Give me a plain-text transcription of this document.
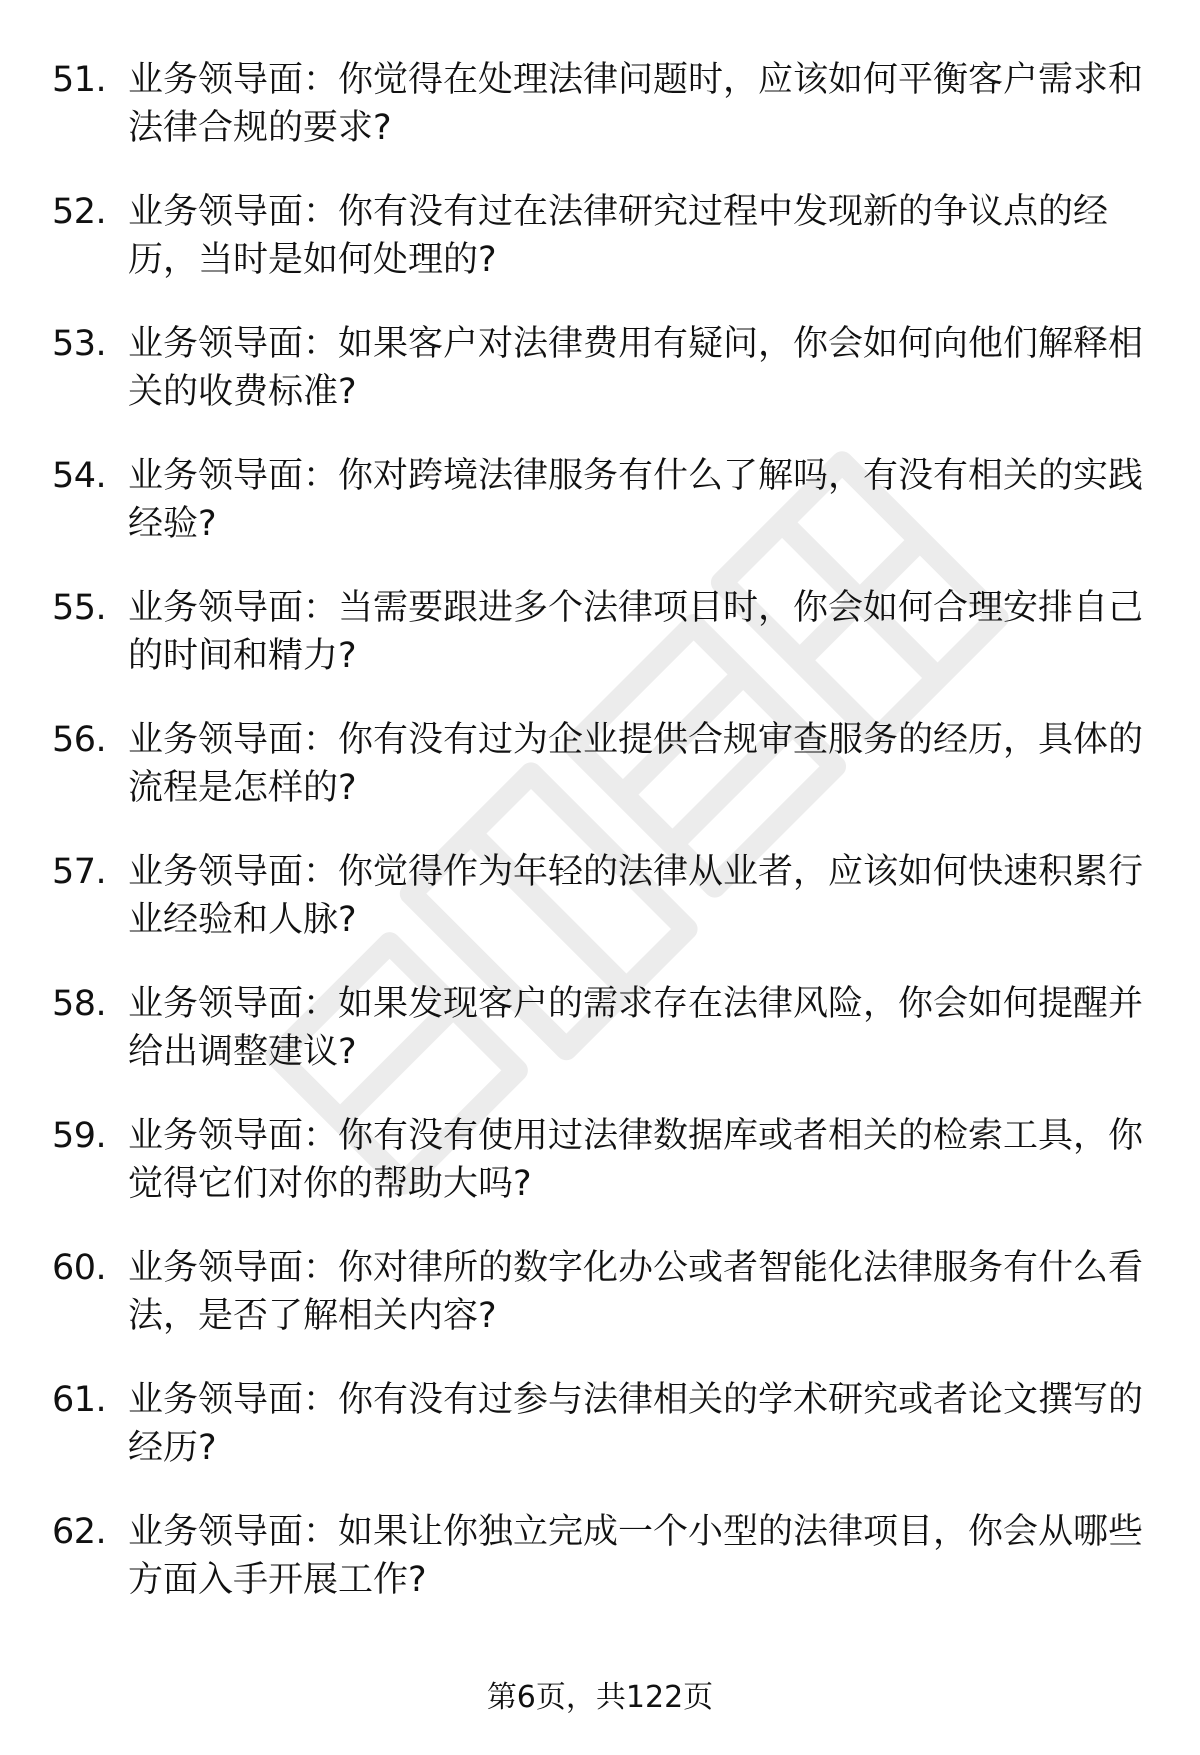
51. 业务领导面：你觉得在处理法律问题时，应该如何平衡客户需求和法律合规的要求?
52. 业务领导面：你有没有过在法律研究过程中发现新的争议点的经历，当时是如何处理的?
53. 业务领导面：如果客户对法律费用有疑问，你会如何向他们解释相关的收费标准?
54. 业务领导面：你对跨境法律服务有什么了解吗，有没有相关的实践经验?
55. 业务领导面：当需要跟进多个法律项目时，你会如何合理安排自己的时间和精力?
56. 业务领导面：你有没有过为企业提供合规审查服务的经历，具体的流程是怎样的?
57. 业务领导面：你觉得作为年轻的法律从业者，应该如何快速积累行业经验和人脉?
58. 业务领导面：如果发现客户的需求存在法律风险，你会如何提醒并给出调整建议?
59. 业务领导面：你有没有使用过法律数据库或者相关的检索工具，你觉得它们对你的帮助大吗?
60. 业务领导面：你对律所的数字化办公或者智能化法律服务有什么看法，是否了解相关内容?
61. 业务领导面：你有没有过参与法律相关的学术研究或者论文撰写的经历?
62. 业务领导面：如果让你独立完成一个小型的法律项目，你会从哪些方面入手开展工作?
第6页，共122页
